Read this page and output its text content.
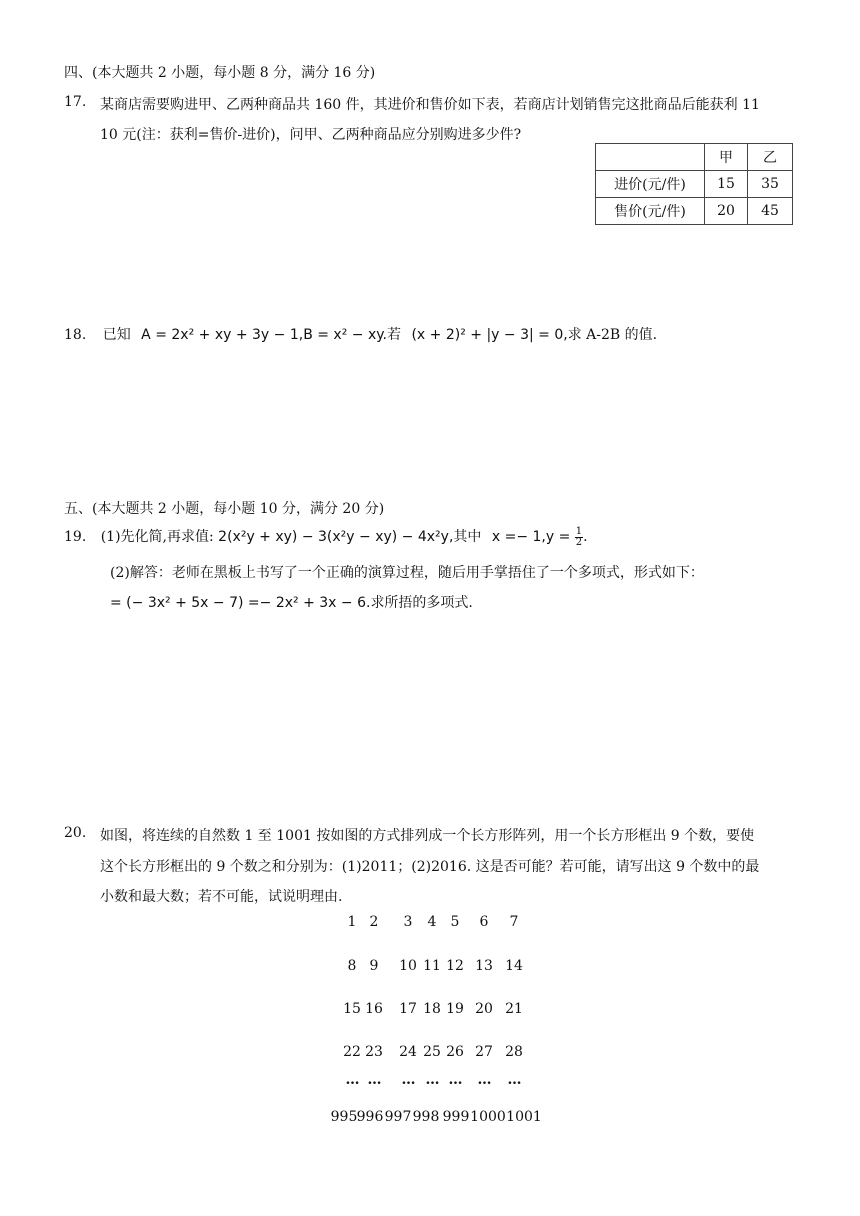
四、(本大题共 2 小题，每小题 8 分，满分 16 分)
17. 某商店需要购进甲、乙两种商品共 160 件，其进价和售价如下表，若商店计划销售完这批商品后能获利 11
10 元(注：获利=售价-进价)，问甲、乙两种商品应分别购进多少件?
	甲	乙
进价(元/件)	15	35
售价(元/件)	20	45
18. 已知 A = 2x² + xy + 3y − 1,B = x² − xy.若 (x + 2)² + |y − 3| = 0,求 A-2B 的值.
五、(本大题共 2 小题，每小题 10 分，满分 20 分)
19. (1)先化简,再求值: 2(x²y + xy) − 3(x²y − xy) − 4x²y,其中 $x =- 1,y = \frac{1}{2}$ .
(2)解答：老师在黑板上书写了一个正确的演算过程，随后用手掌捂住了一个多项式，形式如下：
= (− 3x² + 5x − 7) =− 2x² + 3x − 6.求所捂的多项式.
20. 如图，将连续的自然数 1 至 1001 按如图的方式排列成一个长方形阵列，用一个长方形框出 9 个数，要使
这个长方形框出的 9 个数之和分别为：(1)2011；(2)2016. 这是否可能？若可能，请写出这 9 个数中的最
小数和最大数；若不可能，试说明理由.
1 2 3 4 5 6 7
8 9 10 11 12 13 14
15 16 17 18 19 20 21
22 23 24 25 26 27 28
… … … … … … …
995 996 997 998 999 1000 1001
